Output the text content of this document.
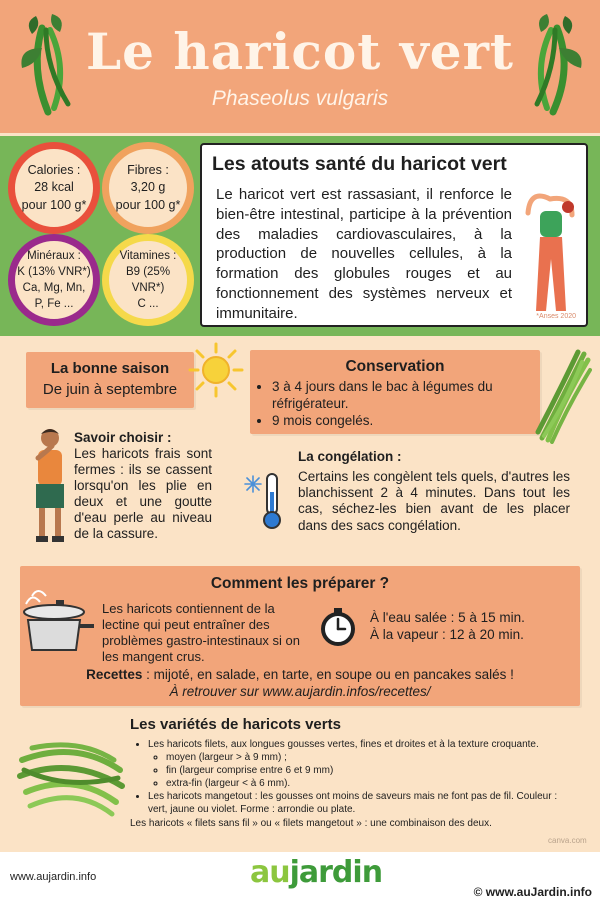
Le haricot vert
Phaseolus vulgaris
Calories :
28 kcal
pour 100 g*
Fibres :
3,20 g
pour 100 g*
Minéraux :
K (13% VNR*)
Ca, Mg, Mn,
P, Fe ...
Vitamines :
B9 (25% VNR*)
C ...
Les atouts santé du haricot vert
Le haricot vert est rassasiant, il renforce le bien-être intestinal, participe à la prévention des maladies cardiovasculaires, à la production de nouvelles cellules, à la formation des globules rouges et au fonctionnement des systèmes nerveux et immunitaire.	*Anses 2020
La bonne saison
De juin à septembre
Conservation
• 3 à 4 jours dans le bac à légumes du réfrigérateur.
• 9 mois congelés.
Savoir choisir :
Les haricots frais sont fermes : ils se cassent lorsqu'on les plie en deux et une goutte d'eau perle au niveau de la cassure.
La congélation :
Certains les congèlent tels quels, d'autres les blanchissent 2 à 4 minutes. Dans tout les cas, séchez-les bien avant de les placer dans des sacs congélation.
Comment les préparer ?
Les haricots contiennent de la lectine qui peut entraîner des problèmes gastro-intestinaux si on les mangent crus.
À l'eau salée : 5 à 15 min.
À la vapeur : 12 à 20 min.
Recettes : mijoté, en salade, en tarte, en soupe ou en pancakes salés !
À retrouver sur www.aujardin.infos/recettes/
Les variétés de haricots verts
• Les haricots filets, aux longues gousses vertes, fines et droites et à la texture croquante.
◦ moyen (largeur > à 9 mm) ;
◦ fin (largeur comprise entre 6 et 9 mm)
◦ extra-fin (largeur < à 6 mm).
• Les haricots mangetout : les gousses ont moins de saveurs mais ne font pas de fil. Couleur : vert, jaune ou violet. Forme : arrondie ou plate.
Les haricots « filets sans fil » ou « filets mangetout » : une combinaison des deux.
canva.com
www.aujardin.info	aujardin
© www.auJardin.info
